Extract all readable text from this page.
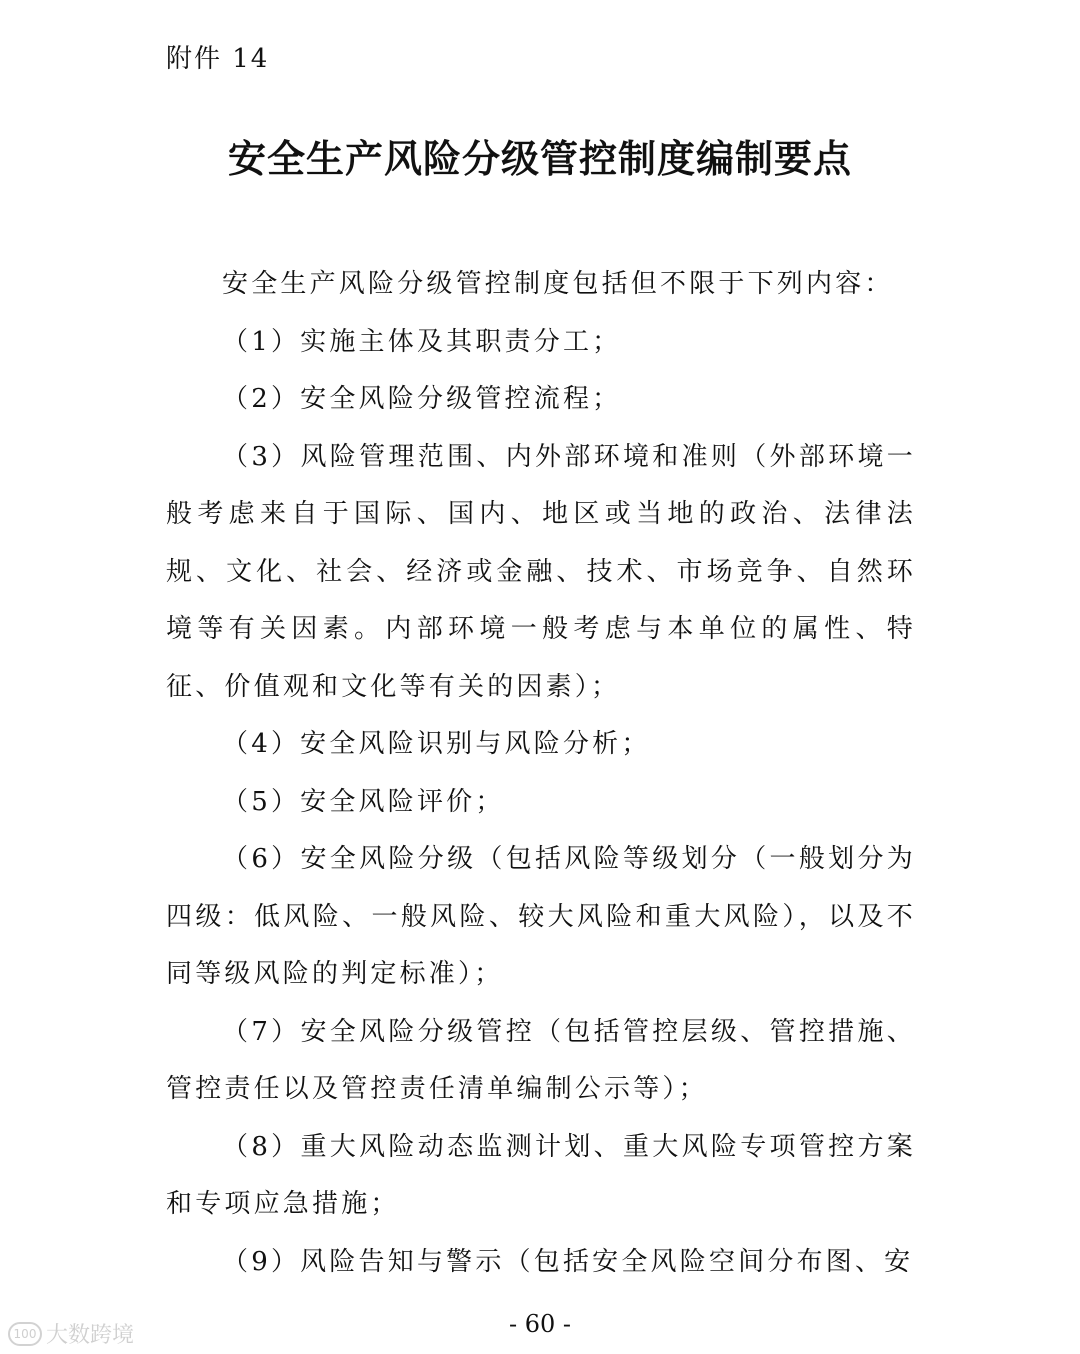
附件 14
安全生产风险分级管控制度编制要点

安全生产风险分级管控制度包括但不限于下列内容：

（1）实施主体及其职责分工；

（2）安全风险分级管控流程；

（3）风险管理范围、内外部环境和准则（外部环境一般考虑来自于国际、国内、地区或当地的政治、法律法规、文化、社会、经济或金融、技术、市场竞争、自然环境等有关因素。内部环境一般考虑与本单位的属性、特征、价值观和文化等有关的因素）；

（4）安全风险识别与风险分析；

（5）安全风险评价；

（6）安全风险分级（包括风险等级划分（一般划分为四级：低风险、一般风险、较大风险和重大风险），以及不同等级风险的判定标准）；

（7）安全风险分级管控（包括管控层级、管控措施、管控责任以及管控责任清单编制公示等）；

（8）重大风险动态监测计划、重大风险专项管控方案和专项应急措施；

（9）风险告知与警示（包括安全风险空间分布图、安

- 60 -
100 大数跨境
